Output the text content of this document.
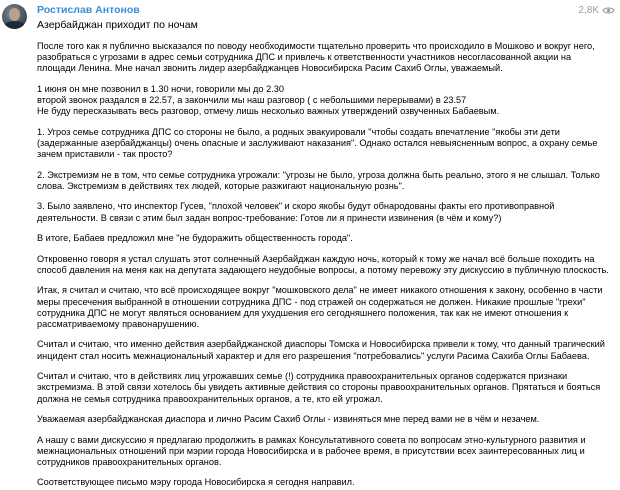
Ростислав Антонов	2,8K
Азербайджан приходит по ночам

После того как я публично высказался по поводу необходимости тщательно проверить что происходило в Мошково и вокруг него,
разобраться с угрозами в адрес семьи сотрудника ДПС и привлечь к ответственности участников несогласованной акции на
площади Ленина. Мне начал звонить лидер азербайджанцев Новосибирска Расим Сахиб Оглы, уважаемый.

1 июня он мне позвонил в 1.30 ночи, говорили мы до 2.30
второй звонок раздался в 22.57, а закончили мы наш разговор ( с небольшими перерывами) в 23.57
Не буду пересказывать весь разговор, отмечу лишь несколько важных утверждений озвученных Бабаевым.

1. Угроз семье сотрудника ДПС со стороны не было, а родных эвакуировали "чтобы создать впечатление "якобы эти дети
(задержанные азербайджанцы) очень опасные и заслуживают наказания". Однако остался невыясненным вопрос, а охрану семье
зачем приставили - так просто?

2. Экстремизм не в том, что семье сотрудника угрожали: "угрозы не было, угроза должна быть реально, этого я не слышал. Только
слова. Экстремизм в действиях тех людей, которые разжигают национальную рознь".

3. Было заявлено, что инспектор Гусев, "плохой человек" и скоро якобы будут обнародованы факты его противоправной
деятельности. В связи с этим был задан вопрос-требование: Готов ли я принести извинения (в чём и кому?)

В итоге, Бабаев предложил мне "не будоражить общественность города".

Откровенно говоря я устал слушать этот солнечный Азербайджан каждую ночь, который к тому же начал всё больше походить на
способ давления на меня как на депутата задающего неудобные вопросы, а потому перевожу эту дискуссию в публичную плоскость.

Итак, я считал и считаю, что всё происходящее вокруг "мошковского дела" не имеет никакого отношения к закону, особенно в части
меры пресечения выбранной в отношении сотрудника ДПС - под стражей он содержаться не должен. Никакие прошлые "грехи"
сотрудника ДПС не могут являться основанием для ухудшения его сегодняшнего положения, так как не имеют отношения к
рассматриваемому правонарушению.

Считал и считаю, что именно действия азербайджанской диаспоры Томска и Новосибирска привели к тому, что данный трагический
инцидент стал носить межнациональный характер и для его разрешения "потребовались" услуги Расима Сахиба Оглы Бабаева.

Считал и считаю, что в действиях лиц угрожавших семье (!) сотрудника правоохранительных органов содержатся признаки
экстремизма. В этой связи хотелось бы увидеть активные действия со стороны правоохранительных органов. Прятаться и бояться
должна не семья сотрудника правоохранительных органов, а те, кто ей угрожал.

Уважаемая азербайджанская диаспора и лично Расим Сахиб Оглы - извиняться мне перед вами не в чём и незачем.

А нашу с вами дискуссию я предлагаю продолжить в рамках Консультативного совета по вопросам этно-культурного развития и
межнациональных отношений при мэрии города Новосибирска и в рабочее время, в присутствии всех заинтересованных лиц и
сотрудников правоохранительных органов.

Соответствующее письмо мэру города Новосибирска я сегодня направил.
